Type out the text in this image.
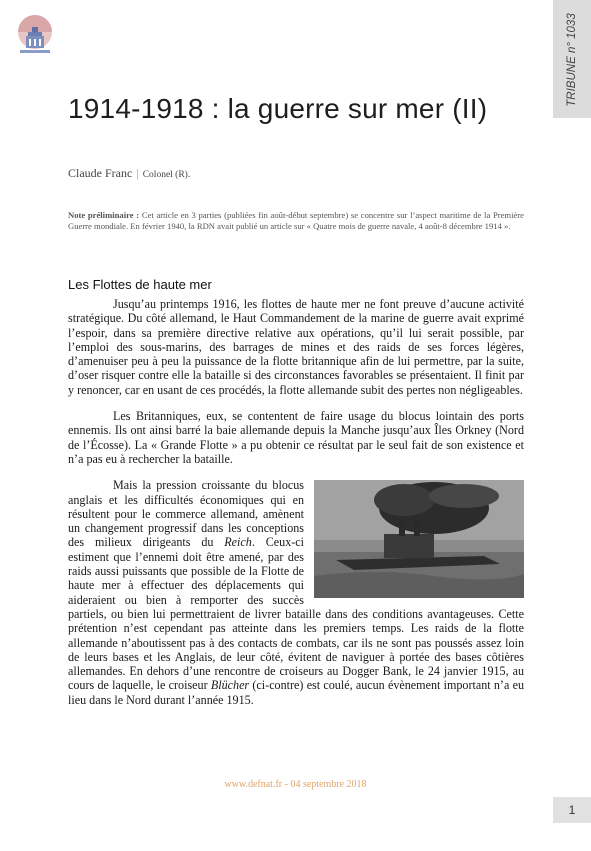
TRIBUNE n° 1033
1914-1918 : la guerre sur mer (II)
Claude Franc | Colonel (R).

Note préliminaire : Cet article en 3 parties (publiées fin août-début septembre) se concentre sur l’aspect maritime de la Première Guerre mondiale. En février 1940, la RDN avait publié un article sur « Quatre mois de guerre navale, 4 août-8 décembre 1914 ».

Les Flottes de haute mer

Jusqu’au printemps 1916, les flottes de haute mer ne font preuve d’aucune activité stratégique. Du côté allemand, le Haut Commandement de la marine de guerre avait exprimé l’espoir, dans sa première directive relative aux opérations, qu’il lui serait possible, par l’emploi des sous-marins, des barrages de mines et des raids de ses forces légères, d’amenuiser peu à peu la puissance de la flotte britannique afin de lui permettre, par la suite, d’oser risquer contre elle la bataille si des circonstances favorables se présentaient. Il finit par y renoncer, car en usant de ces procédés, la flotte allemande subit des pertes non négligeables.

Les Britanniques, eux, se contentent de faire usage du blocus lointain des ports ennemis. Ils ont ainsi barré la baie allemande depuis la Manche jusqu’aux Îles Orkney (Nord de l’Écosse). La « Grande Flotte » a pu obtenir ce résultat par le seul fait de son existence et n’a pas eu à rechercher la bataille.

Mais la pression croissante du blocus anglais et les difficultés économiques qui en résultent pour le commerce allemand, amènent un changement progressif dans les conceptions des milieux dirigeants du Reich. Ceux-ci estiment que l’ennemi doit être amené, par des raids aussi puissants que possible de la Flotte de haute mer à effectuer des déplacements qui aideraient ou bien à remporter des succès partiels, ou bien lui permettraient de livrer bataille dans des conditions avantageuses. Cette prétention n’est cependant pas atteinte dans les premiers temps. Les raids de la flotte allemande n’aboutissent pas à des contacts de combats, car ils ne sont pas poussés assez loin de leurs bases et les Anglais, de leur côté, évitent de naviguer à portée des bases côtières allemandes. En dehors d’une rencontre de croiseurs au Dogger Bank, le 24 janvier 1915, au cours de laquelle, le croiseur Blücher (ci-contre) est coulé, aucun évènement important n’a eu lieu dans le Nord durant l’année 1915.

www.defnat.fr - 04 septembre 2018
1
